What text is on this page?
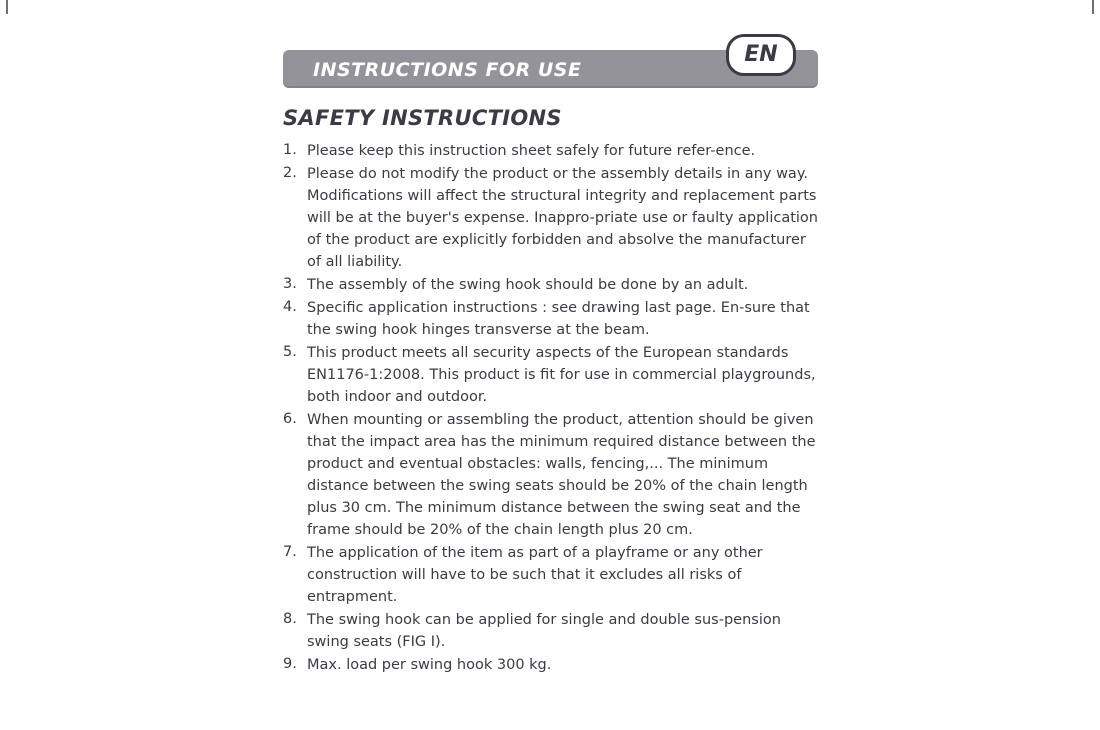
INSTRUCTIONS FOR USE
EN
SAFETY INSTRUCTIONS
1. Please keep this instruction sheet safely for future refer-ence.
2. Please do not modify the product or the assembly details in any way. Modifications will affect the structural integrity and replacement parts will be at the buyer's expense. Inappro-priate use or faulty application of the product are explicitly forbidden and absolve the manufacturer of all liability.
3. The assembly of the swing hook should be done by an adult.
4. Specific application instructions : see drawing last page. En-sure that the swing hook hinges transverse at the beam.
5. This product meets all security aspects of the European standards EN1176-1:2008. This product is fit for use in commercial playgrounds, both indoor and outdoor.
6. When mounting or assembling the product, attention should be given that the impact area has the minimum required distance between the product and eventual obstacles: walls, fencing,... The minimum distance between the swing seats should be 20% of the chain length plus 30 cm. The minimum distance between the swing seat and the frame should be 20% of the chain length plus 20 cm.
7. The application of the item as part of a playframe or any other construction will have to be such that it excludes all risks of entrapment.
8. The swing hook can be applied for single and double sus-pension swing seats (FIG I).
9. Max. load per swing hook 300 kg.
